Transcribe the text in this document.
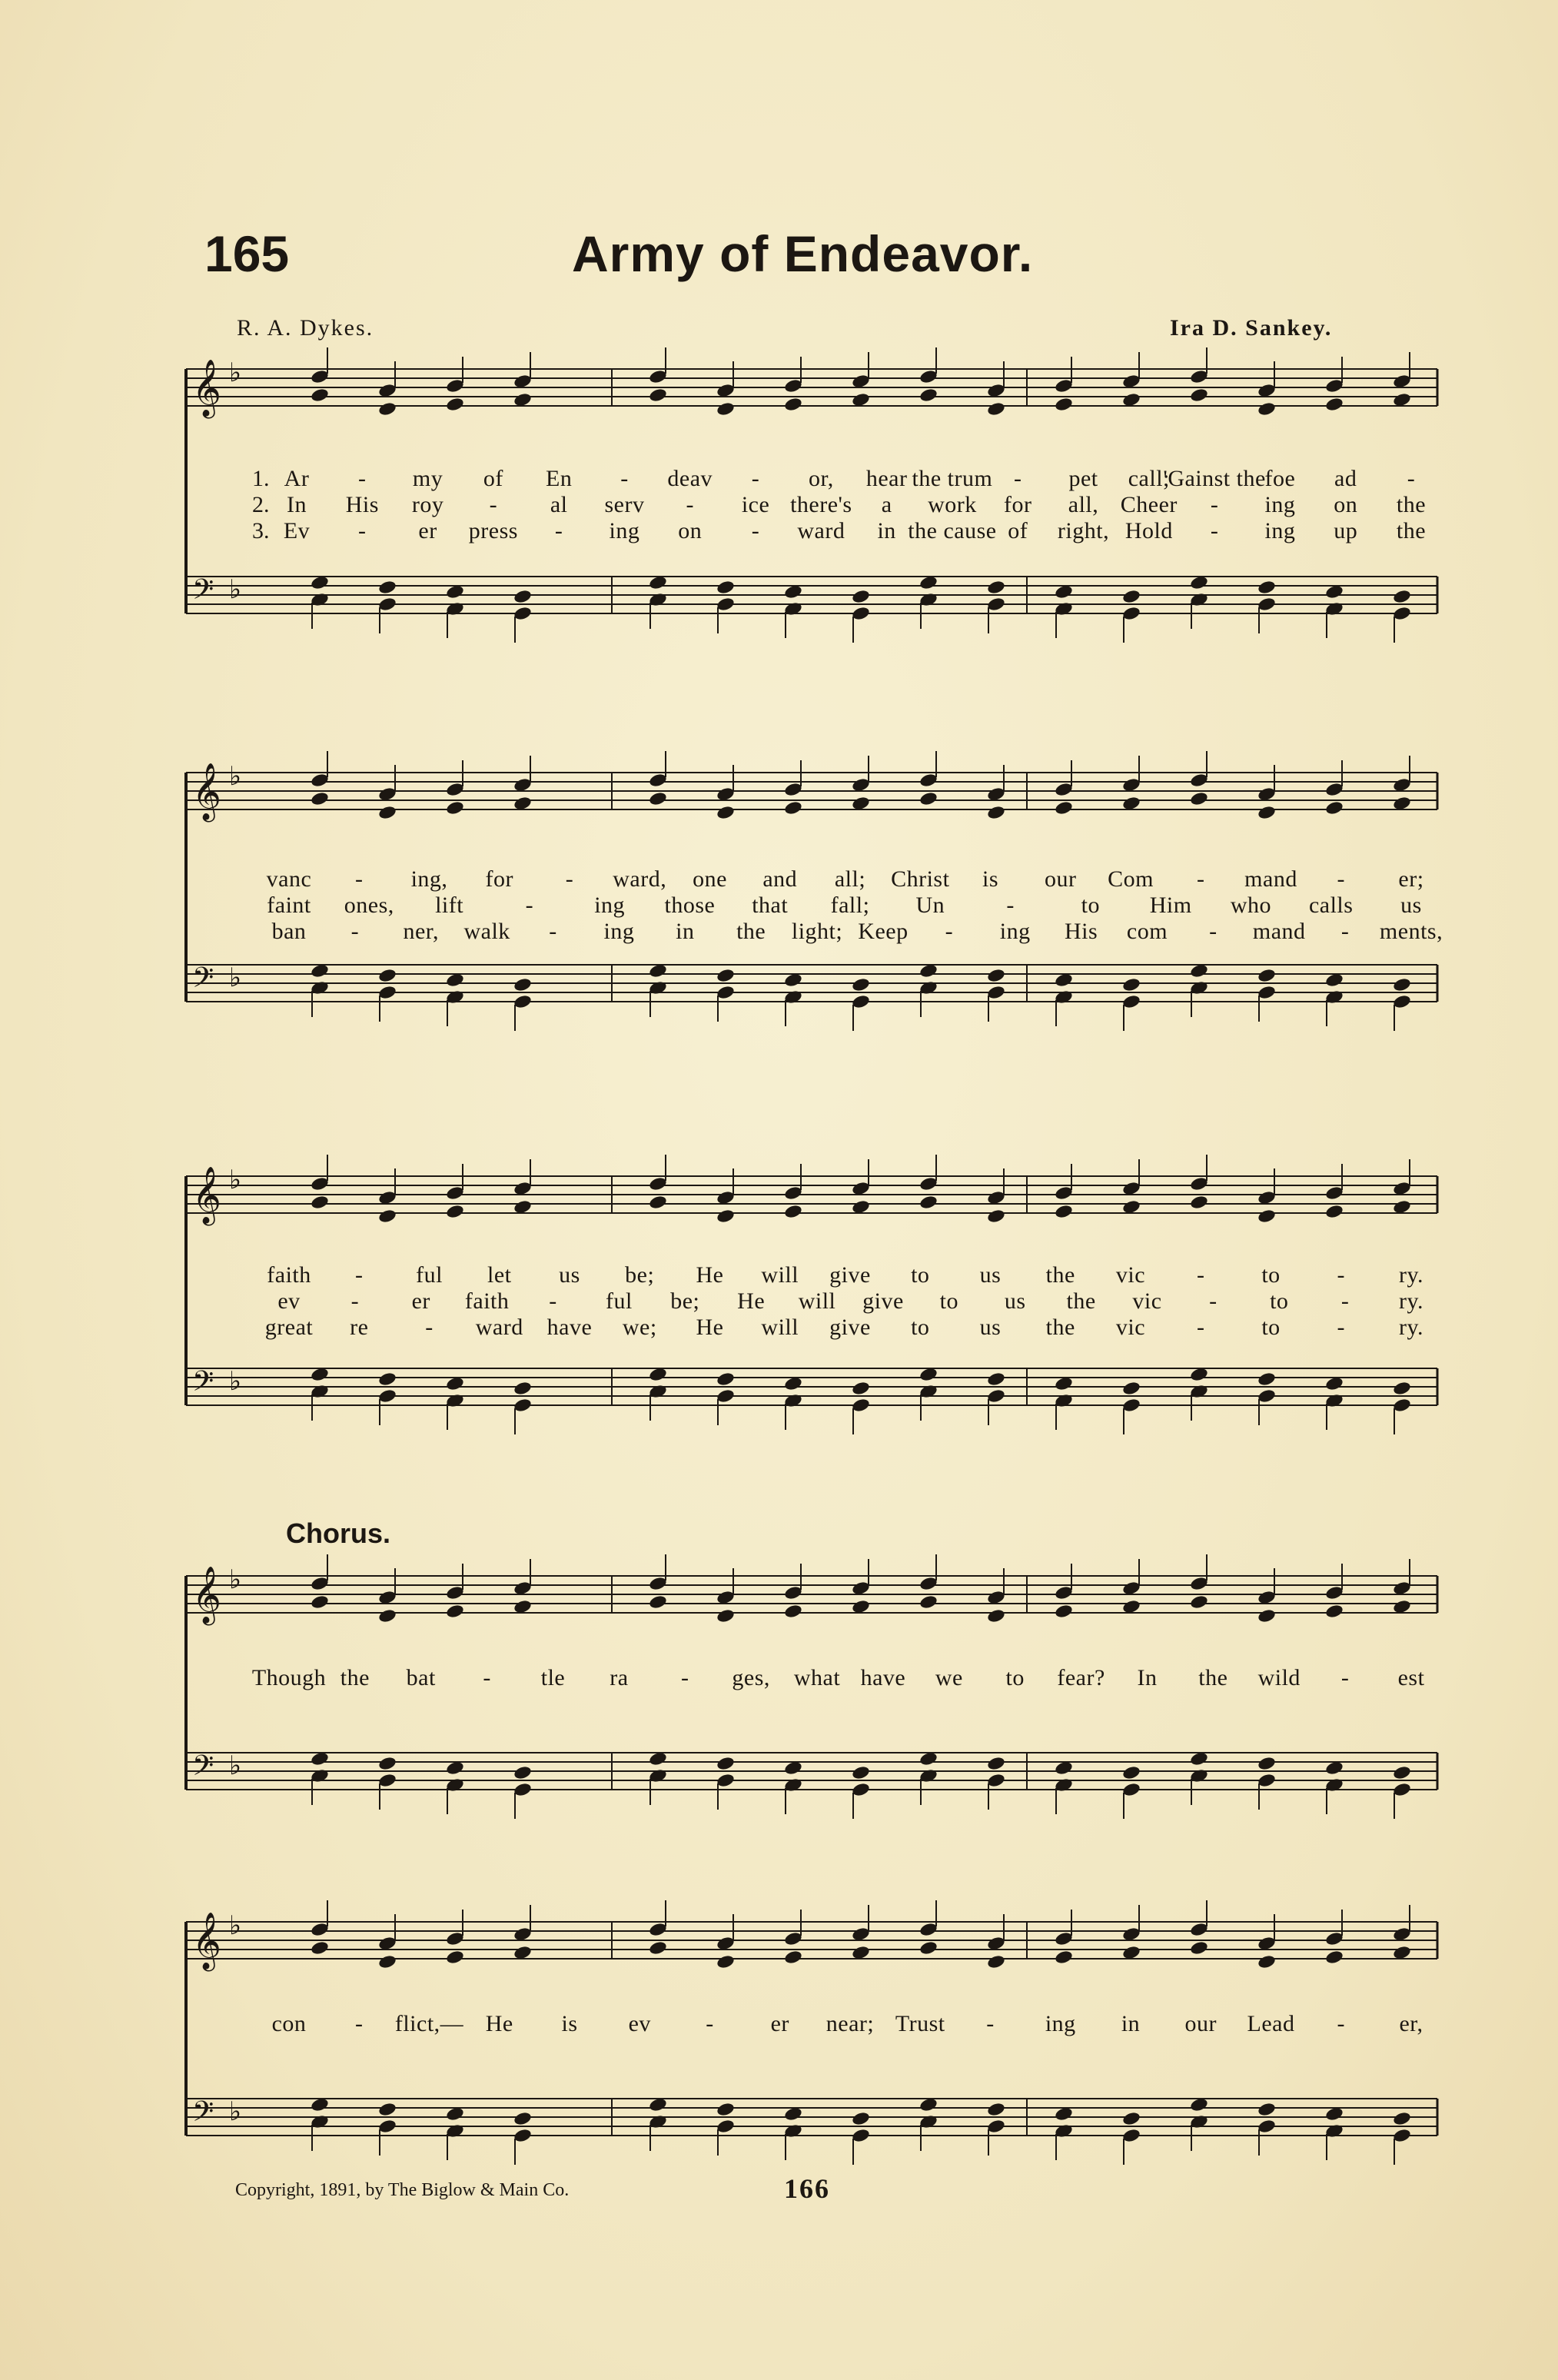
165	Army of Endeavor.
R. A. Dykes.	Ira D. Sankey.
𝄞 ♭
𝄢 ♭
1. Ar - my of En - deav - or, hear the trum - pet call;
'Gainst the
foe ad -
2. In His roy - al serv - ice there's a work for all, Cheer - ing on the
3. Ev - er press - ing on - ward in the cause of right, Hold - ing up the
𝄞 ♭
𝄢 ♭
vanc - ing, for - ward, one and all; Christ is our Com - mand - er;
faint ones, lift	-	ing those that fall; Un	-	to Him who calls us
ban - ner, walk - ing in the light; Keep - ing His com - mand - ments,
𝄞 ♭
𝄢 ♭
faith - ful let us be; He will give to us the vic - to - ry.
ev - er faith - ful be; He will give to us the vic - to - ry.
great re - ward have we; He will give to us the vic - to - ry.
Chorus.
𝄞 ♭
𝄢 ♭
Though the bat - tle ra - ges, what have we to fear? In the wild - est
𝄞 ♭
𝄢 ♭
con - flict,— He is ev - er near; Trust - ing in our Lead - er,
Copyright, 1891, by The Biglow & Main Co.	166
